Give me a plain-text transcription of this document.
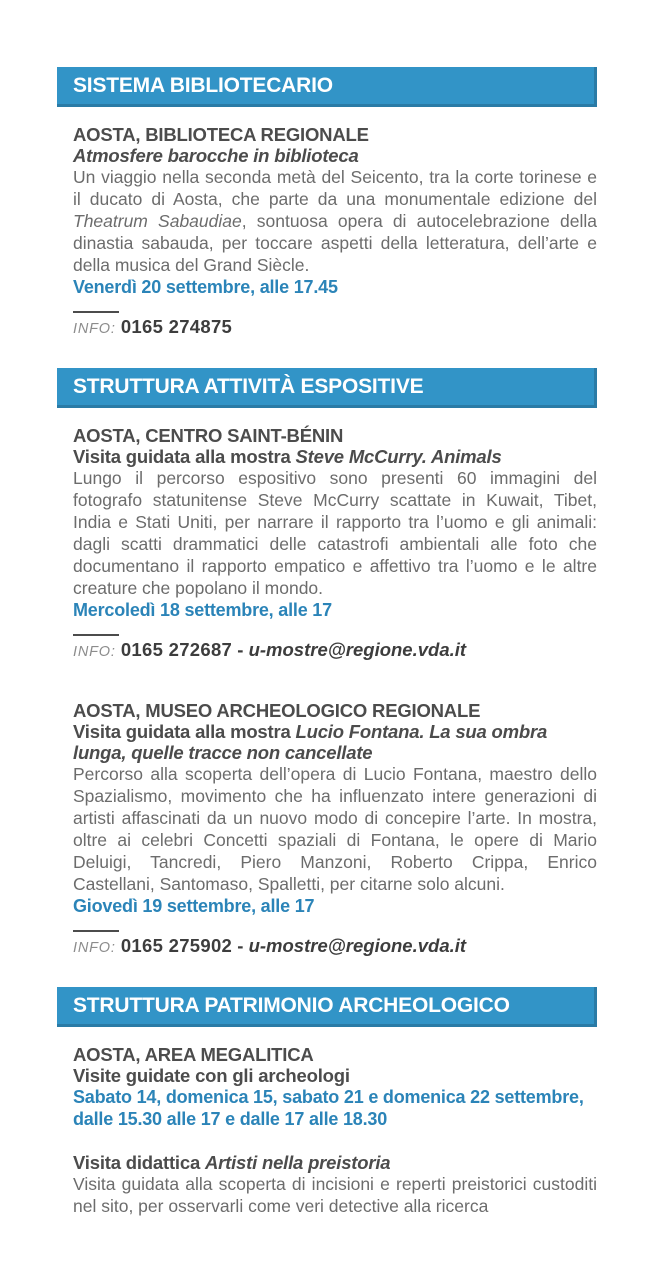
SISTEMA BIBLIOTECARIO
AOSTA, BIBLIOTECA REGIONALE
Atmosfere barocche in biblioteca

Un viaggio nella seconda metà del Seicento, tra la corte torinese e il ducato di Aosta, che parte da una monumentale edizione del Theatrum Sabaudiae, sontuosa opera di autocelebrazione della dinastia sabauda, per toccare aspetti della letteratura, dell’arte e della musica del Grand Siècle.

Venerdì 20 settembre, alle 17.45
INFO: 0165 274875
STRUTTURA ATTIVITÀ ESPOSITIVE
AOSTA, CENTRO SAINT-BÉNIN
Visita guidata alla mostra Steve McCurry. Animals

Lungo il percorso espositivo sono presenti 60 immagini del fotografo statunitense Steve McCurry scattate in Kuwait, Tibet, India e Stati Uniti, per narrare il rapporto tra l’uomo e gli animali: dagli scatti drammatici delle catastrofi ambientali alle foto che documentano il rapporto empatico e affettivo tra l’uomo e le altre creature che popolano il mondo.

Mercoledì 18 settembre, alle 17
INFO: 0165 272687 - u-mostre@regione.vda.it
AOSTA, MUSEO ARCHEOLOGICO REGIONALE
Visita guidata alla mostra Lucio Fontana. La sua ombra lunga, quelle tracce non cancellate

Percorso alla scoperta dell’opera di Lucio Fontana, maestro dello Spazialismo, movimento che ha influenzato intere generazioni di artisti affascinati da un nuovo modo di concepire l’arte. In mostra, oltre ai celebri Concetti spaziali di Fontana, le opere di Mario Deluigi, Tancredi, Piero Manzoni, Roberto Crippa, Enrico Castellani, Santomaso, Spalletti, per citarne solo alcuni.

Giovedì 19 settembre, alle 17
INFO: 0165 275902 - u-mostre@regione.vda.it
STRUTTURA PATRIMONIO ARCHEOLOGICO
AOSTA, AREA MEGALITICA
Visite guidate con gli archeologi
Sabato 14, domenica 15, sabato 21 e domenica 22 settembre, dalle 15.30 alle 17 e dalle 17 alle 18.30
Visita didattica Artisti nella preistoria

Visita guidata alla scoperta di incisioni e reperti preistorici custoditi nel sito, per osservarli come veri detective alla ricerca
